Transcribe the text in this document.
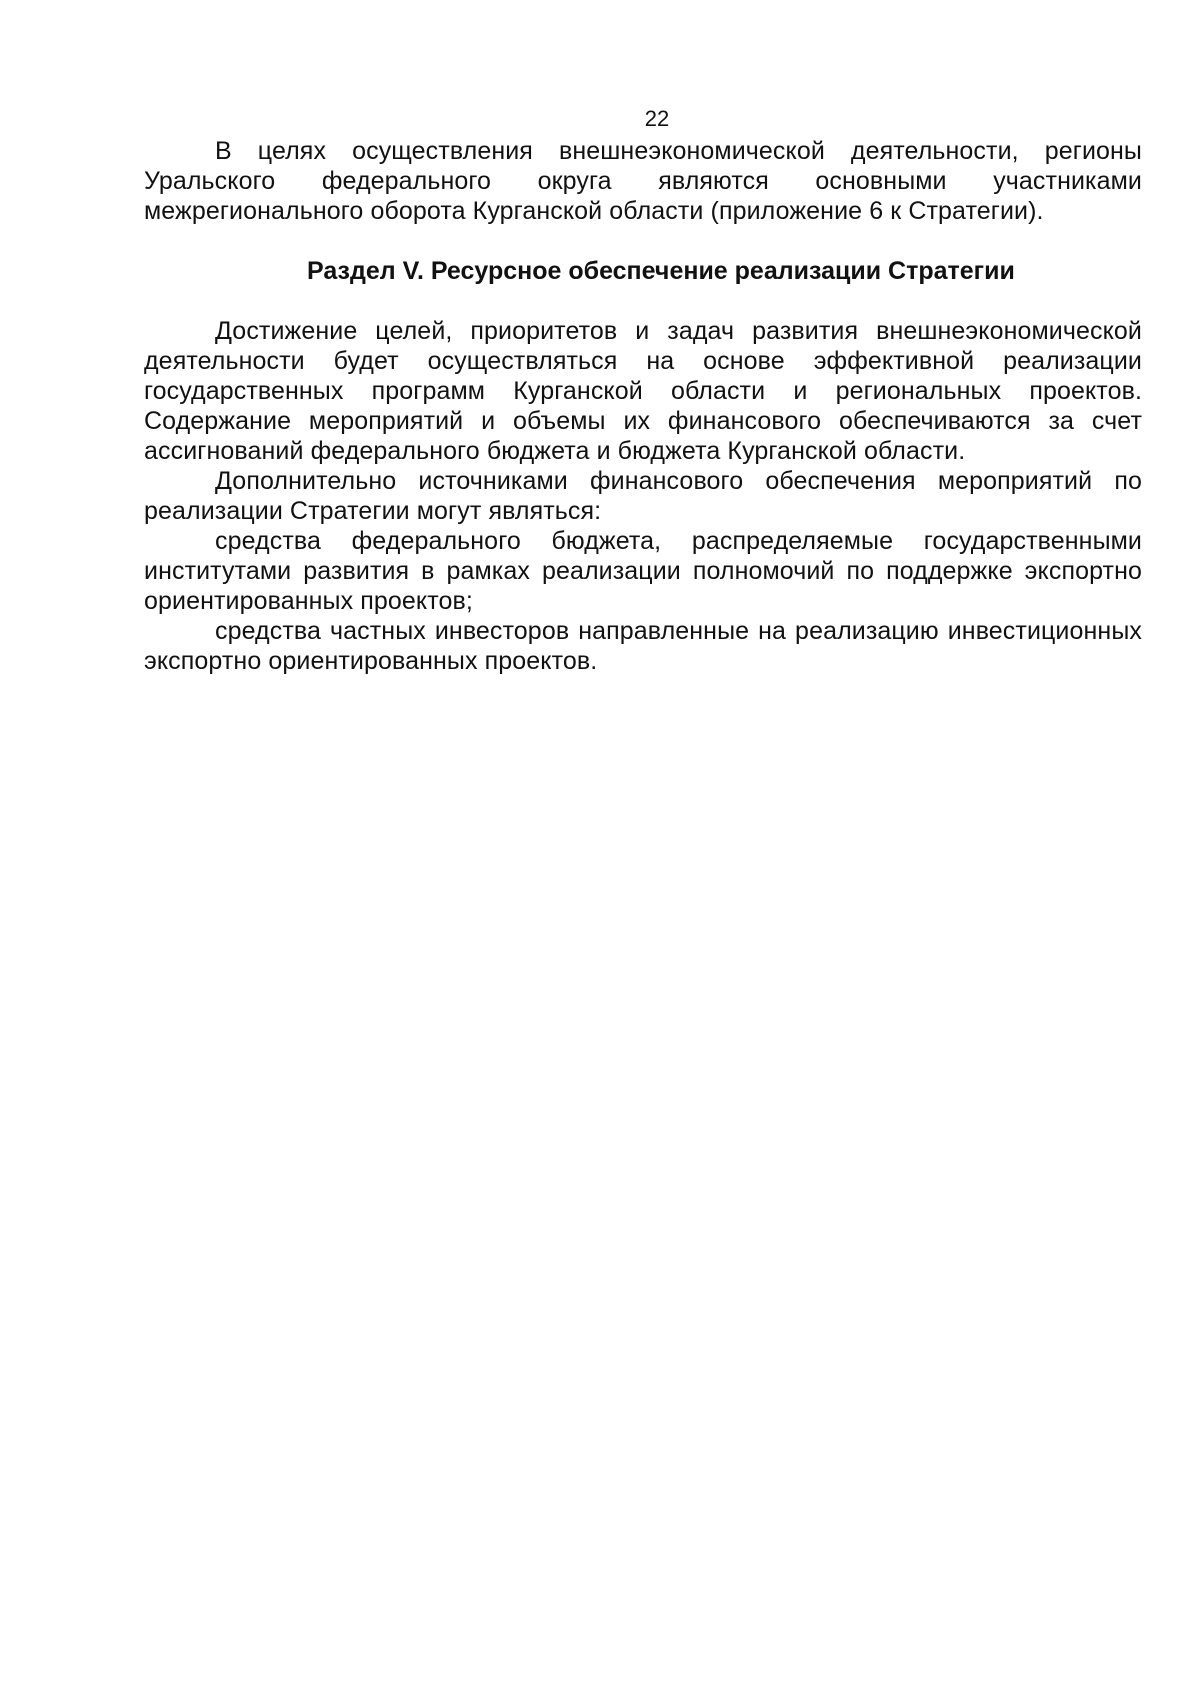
22

В целях осуществления внешнеэкономической деятельности, регионы Уральского федерального округа являются основными участниками межрегионального оборота Курганской области (приложение 6 к Стратегии).

Раздел V. Ресурсное обеспечение реализации Стратегии

Достижение целей, приоритетов и задач развития внешнеэкономической деятельности будет осуществляться на основе эффективной реализации государственных программ Курганской области и региональных проектов. Содержание мероприятий и объемы их финансового обеспечиваются за счет ассигнований федерального бюджета и бюджета Курганской области.

Дополнительно источниками финансового обеспечения мероприятий по реализации Стратегии могут являться:

средства федерального бюджета, распределяемые государственными институтами развития в рамках реализации полномочий по поддержке экспортно ориентированных проектов;

средства частных инвесторов направленные на реализацию инвестиционных экспортно ориентированных проектов.
